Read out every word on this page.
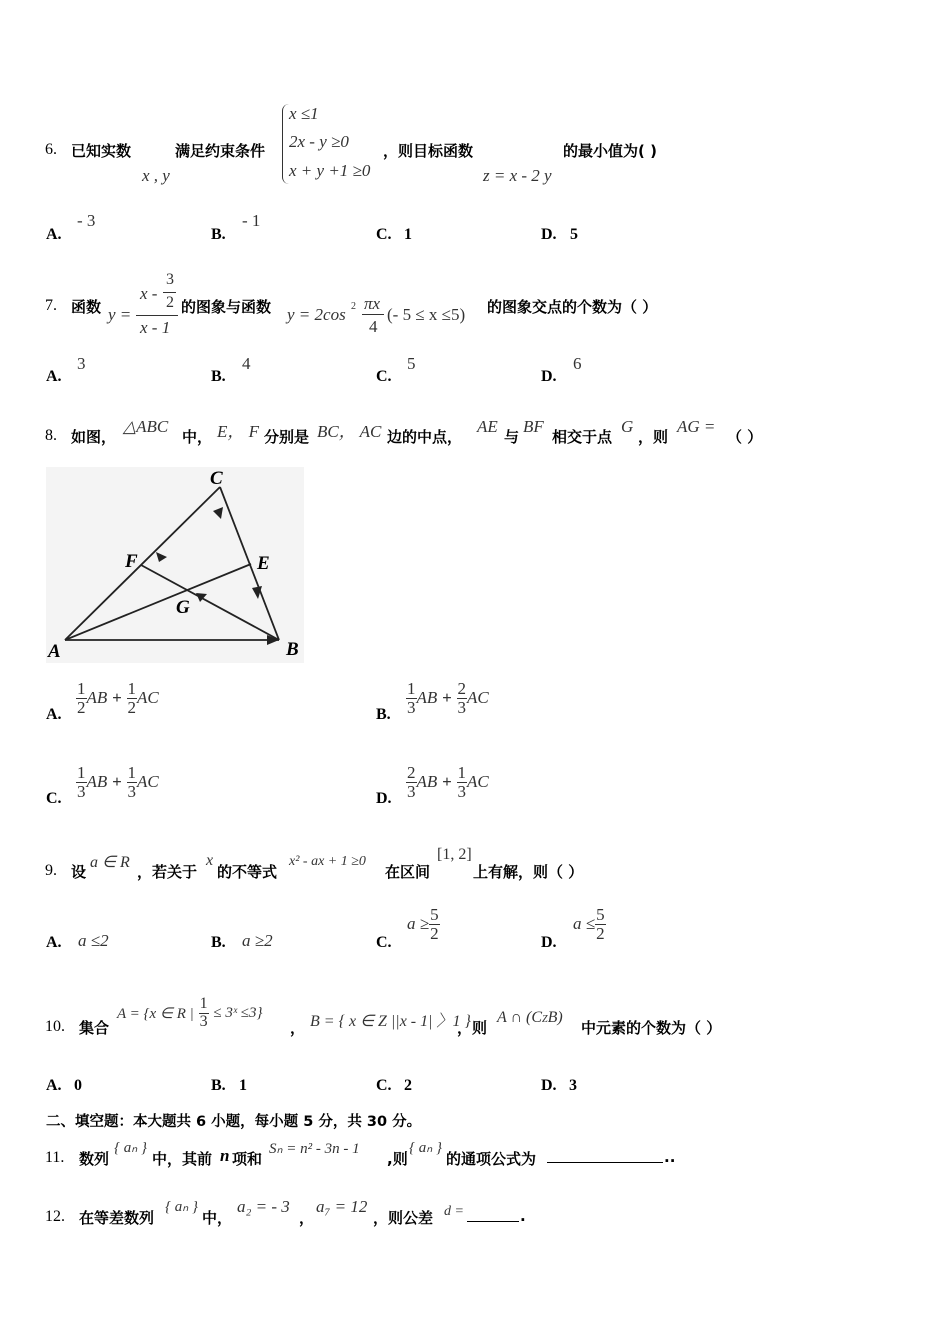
6. 已知实数
x , y
满足约束条件
x ≤1
2x - y ≥0
x + y +1 ≥0
，则目标函数
z = x - 2 y
的最小值为( )
A.
- 3
B.
- 1
C. 1	D. 5
7. 函数 y =
x -
3
2
x - 1
的图象与函数 y = 2cos 2 πx
4
(- 5 ≤ x ≤5) 的图象交点的个数为（ ）
A.
3
B.
4
C.
5
D.
6
8. 如图，
△ABC
中， E， F 分别是 BC， AC 边的中点，
AE
与
BF
相交于点
G
，则
AG =
（ ）
A	B
C
E
F
G
A. $\frac{1}{2}$ AB + $\frac{1}{2}$ AC
B. $\frac{1}{3}$ AB + $\frac{2}{3}$ AC
C. $\frac{1}{3}$ AB + $\frac{1}{3}$ AC
D. $\frac{2}{3}$ AB + $\frac{1}{3}$ AC
9. 设
a ∈ R
，若关于
x
的不等式
x² - ax + 1 ≥0
在区间
[1, 2]
上有解，则（ ）
A. a ≤2	B. a ≥2	C.
$a \ge \frac{5}{2}$	D.
$a \le \frac{5}{2}$
10. 集合
A = {x ∈ R | $\frac{1}{3}$ ≤ 3ˣ ≤3}
， B = { x ∈ Z ||x - 1| 〉1 }
，则
A ∩ (CZB)
中元素的个数为（ ）
A. 0	B. 1	C. 2	D. 3
二、填空题：本大题共 6 小题，每小题 5 分，共 30 分。
11. 数列
{ aₙ }
中，其前 n 项和
Sₙ = n² - 3n - 1
,则
{ aₙ }
的通项公式为	..
12. 在等差数列
{ aₙ }
中，
a₂ = - 3
，
a₇ = 12
，则公差 d =	.
